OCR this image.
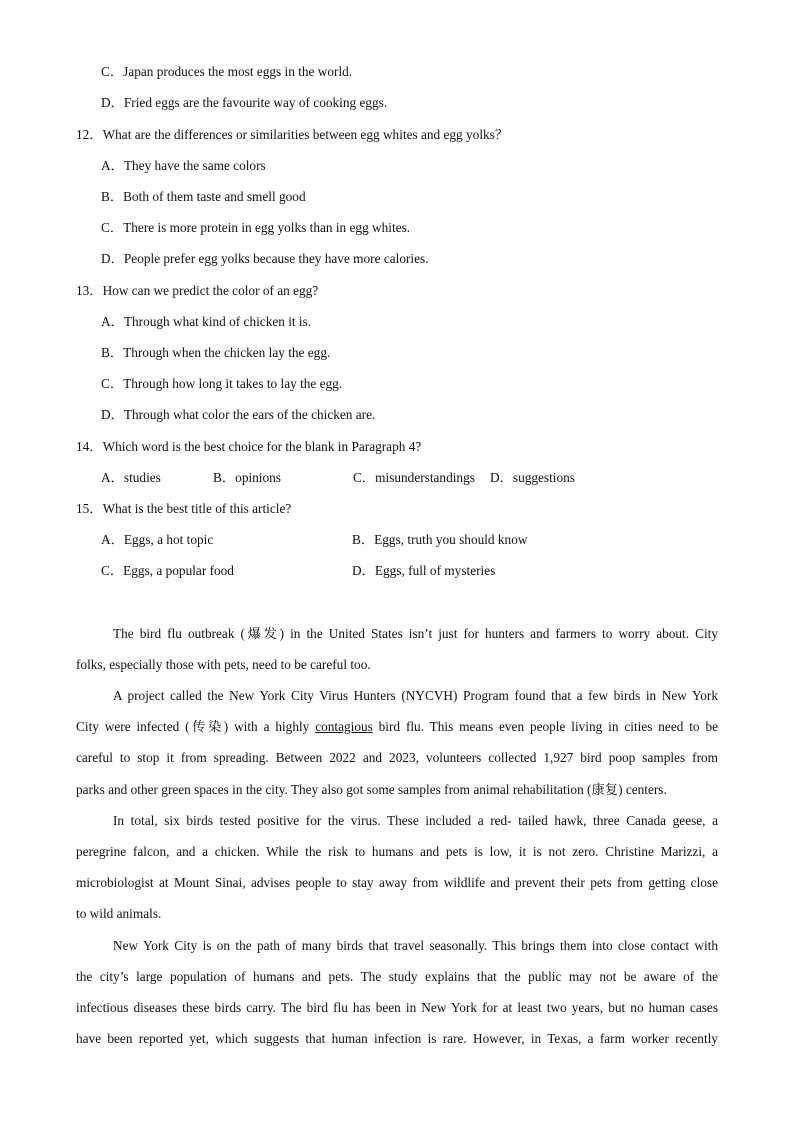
C．Japan produces the most eggs in the world.
D．Fried eggs are the favourite way of cooking eggs.
12．What are the differences or similarities between egg whites and egg yolks？
A．They have the same colors
B．Both of them taste and smell good
C．There is more protein in egg yolks than in egg whites.
D．People prefer egg yolks because they have more calories.
13．How can we predict the color of an egg?
A．Through what kind of chicken it is.
B．Through when the chicken lay the egg.
C．Through how long it takes to lay the egg.
D．Through what color the ears of the chicken are.
14．Which word is the best choice for the blank in Paragraph 4?
A．studies	B．opinions	C．misunderstandings D．suggestions
15．What is the best title of this article?
A．Eggs, a hot topic	B．Eggs, truth you should know
C．Eggs, a popular food	D．Eggs, full of mysteries
The bird flu outbreak (爆发) in the United States isn’t just for hunters and farmers to worry about. City
folks, especially those with pets, need to be careful too.
A project called the New York City Virus Hunters (NYCVH) Program found that a few birds in New York
City were infected (传染) with a highly contagious bird flu. This means even people living in cities need to be
careful to stop it from spreading. Between 2022 and 2023, volunteers collected 1,927 bird poop samples from
parks and other green spaces in the city. They also got some samples from animal rehabilitation (康复) centers.
In total, six birds tested positive for the virus. These included a red- tailed hawk, three Canada geese, a
peregrine falcon, and a chicken. While the risk to humans and pets is low, it is not zero. Christine Marizzi, a
microbiologist at Mount Sinai, advises people to stay away from wildlife and prevent their pets from getting close
to wild animals.
New York City is on the path of many birds that travel seasonally. This brings them into close contact with
the city’s large population of humans and pets. The study explains that the public may not be aware of the
infectious diseases these birds carry. The bird flu has been in New York for at least two years, but no human cases
have been reported yet, which suggests that human infection is rare. However, in Texas, a farm worker recently
